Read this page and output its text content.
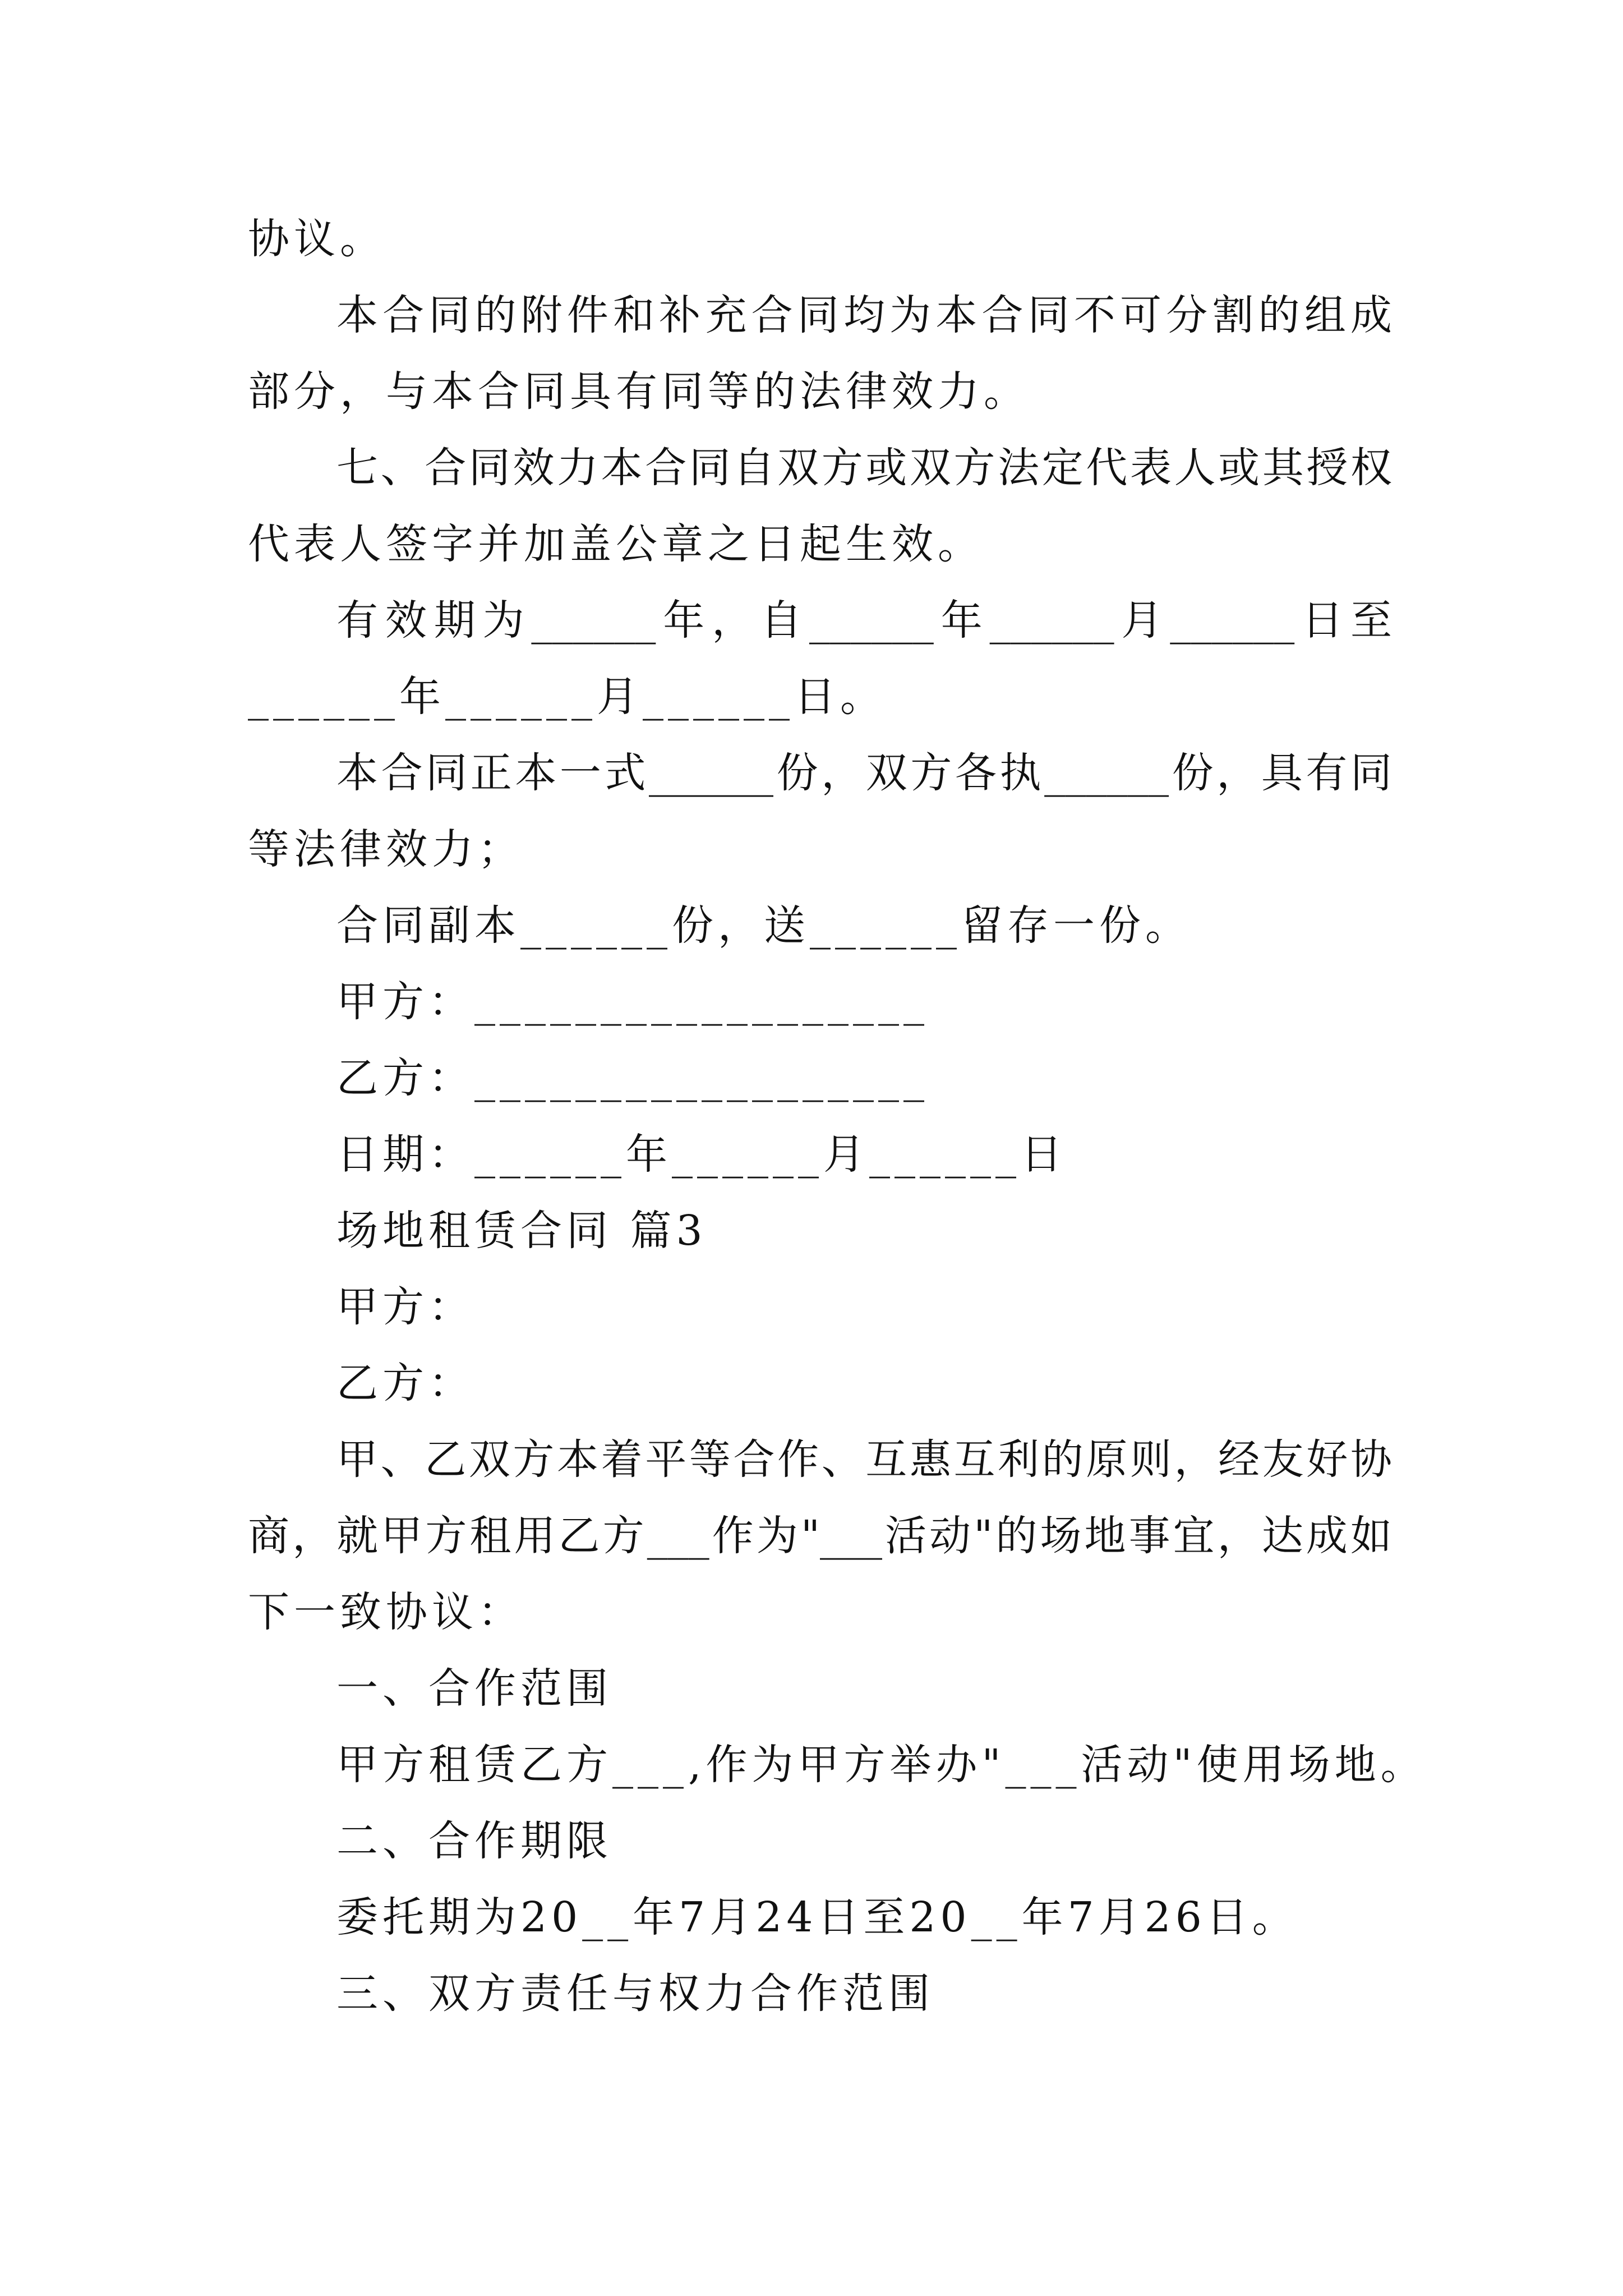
协议。

本合同的附件和补充合同均为本合同不可分割的组成

部分，与本合同具有同等的法律效力。

七、合同效力本合同自双方或双方法定代表人或其授权

代表人签字并加盖公章之日起生效。

有效期为______年，自______年______月______日至

______年______月______日。

本合同正本一式______份，双方各执______份，具有同

等法律效力；

合同副本______份，送______留存一份。

甲方：__________________

乙方：__________________

日期：______年______月______日

场地租赁合同 篇3

甲方：

乙方：

甲、乙双方本着平等合作、互惠互利的原则，经友好协

商，就甲方租用乙方___作为"___活动"的场地事宜，达成如

下一致协议：

一、合作范围

甲方租赁乙方___,作为甲方举办"___活动"使用场地。

二、合作期限

委托期为20__年7月24日至20__年7月26日。

三、双方责任与权力合作范围
